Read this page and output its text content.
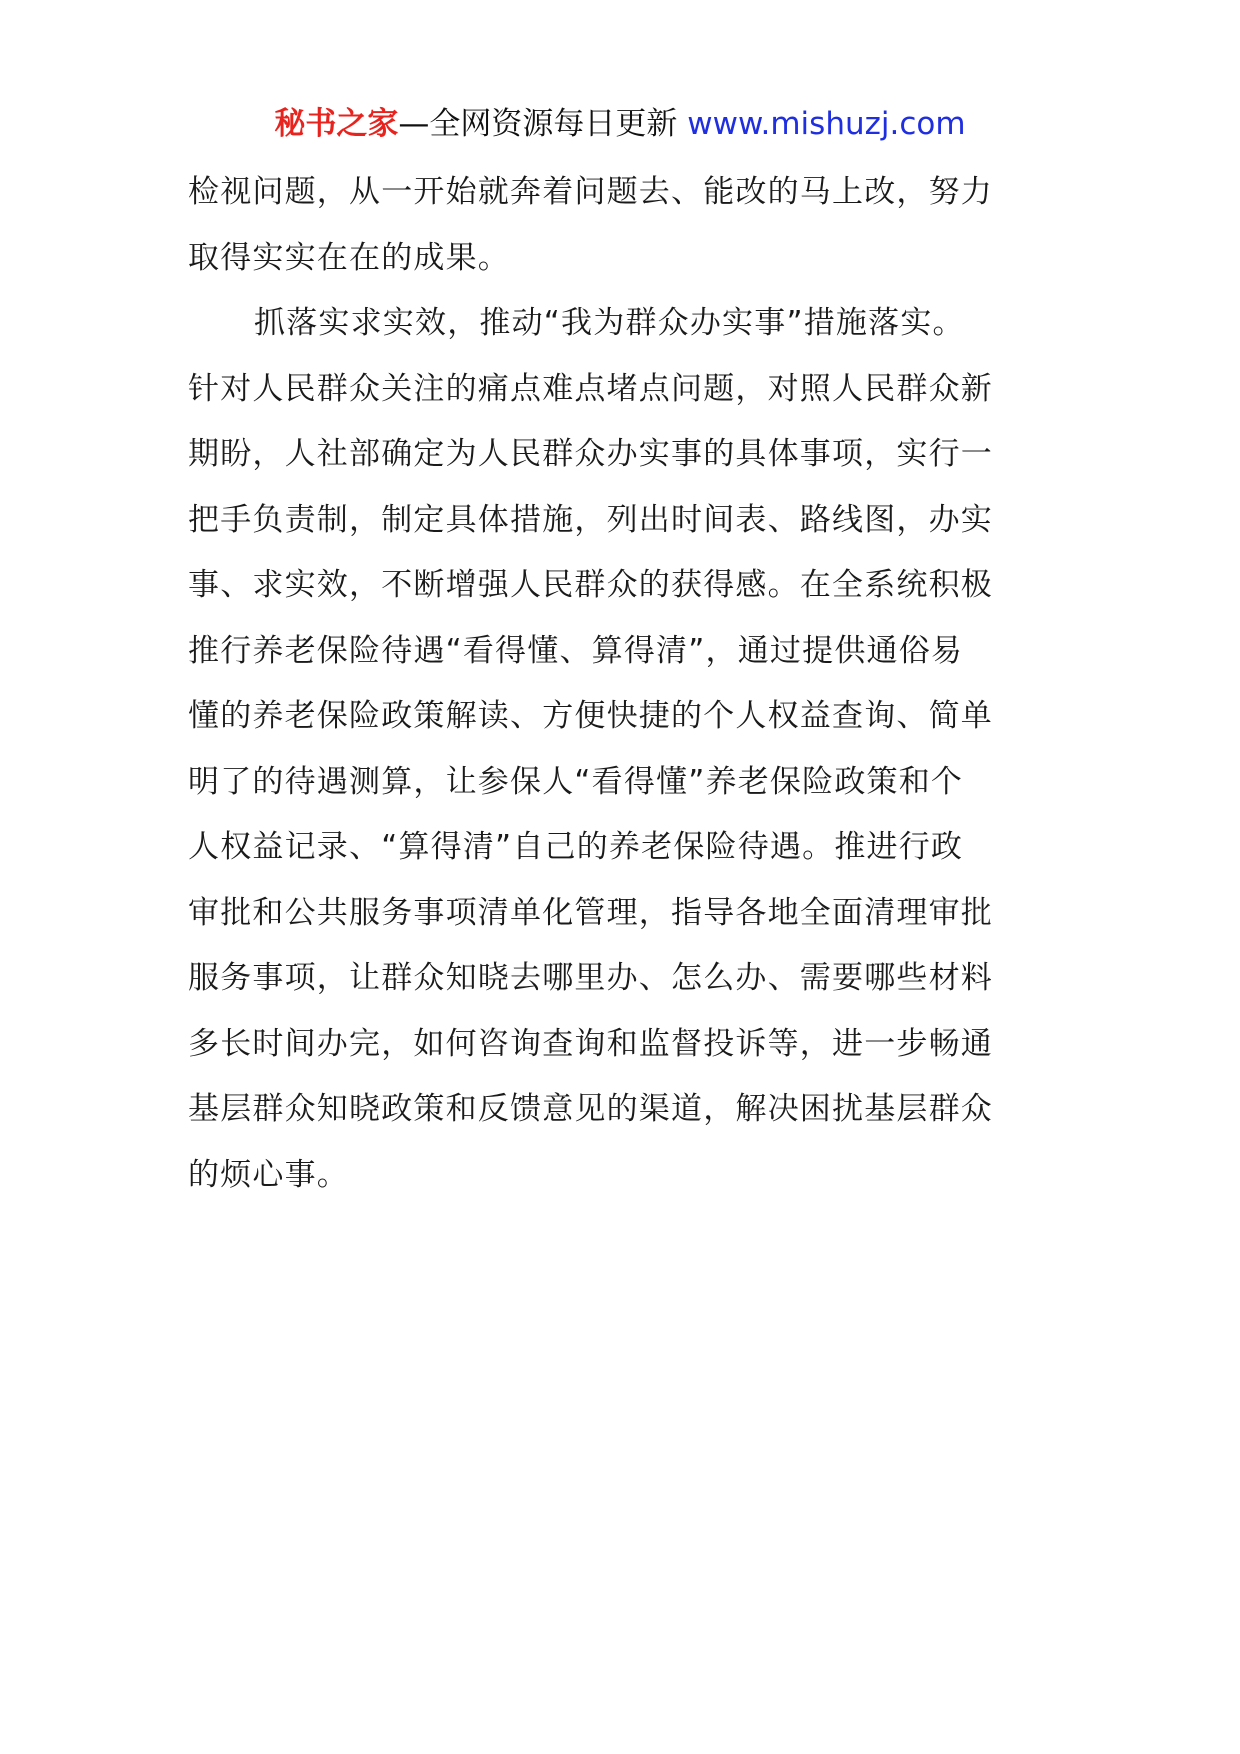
秘书之家—全网资源每日更新 www.mishuzj.com
检视问题，从一开始就奔着问题去、能改的马上改，努力
取得实实在在的成果。
抓落实求实效，推动“我为群众办实事”措施落实。
针对人民群众关注的痛点难点堵点问题，对照人民群众新
期盼，人社部确定为人民群众办实事的具体事项，实行一
把手负责制，制定具体措施，列出时间表、路线图，办实
事、求实效，不断增强人民群众的获得感。在全系统积极
推行养老保险待遇“看得懂、算得清”，通过提供通俗易
懂的养老保险政策解读、方便快捷的个人权益查询、简单
明了的待遇测算，让参保人“看得懂”养老保险政策和个
人权益记录、“算得清”自己的养老保险待遇。推进行政
审批和公共服务事项清单化管理，指导各地全面清理审批
服务事项，让群众知晓去哪里办、怎么办、需要哪些材料
多长时间办完，如何咨询查询和监督投诉等，进一步畅通
基层群众知晓政策和反馈意见的渠道，解决困扰基层群众
的烦心事。
